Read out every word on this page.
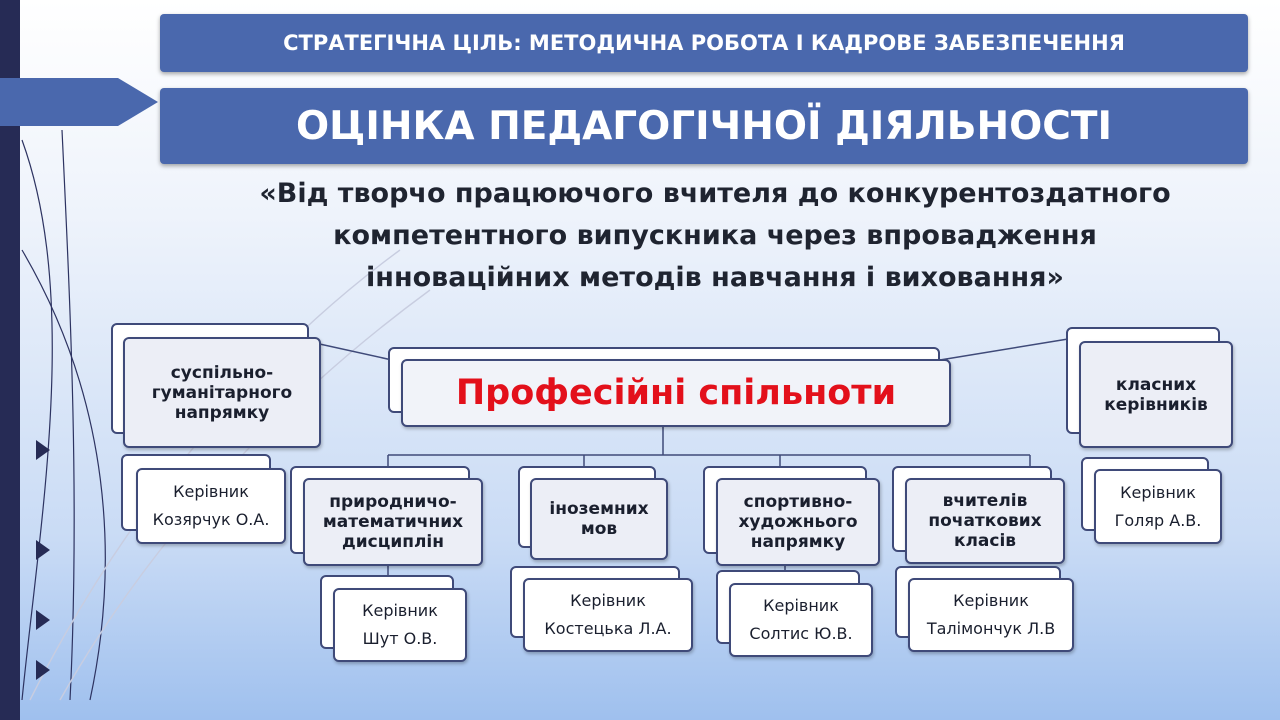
СТРАТЕГІЧНА ЦІЛЬ: МЕТОДИЧНА РОБОТА І КАДРОВЕ ЗАБЕЗПЕЧЕННЯ
ОЦІНКА ПЕДАГОГІЧНОЇ ДІЯЛЬНОСТІ
«Від творчо працюючого вчителя до конкурентоздатного
компетентного випускника через впровадження
інноваційних методів навчання і виховання»
Професійні спільноти
суспільно-
гуманітарного
напрямку
Керівник
Козярчук О.А.
природничо-
математичних
дисциплін
Керівник
Шут О.В.
іноземних
мов
Керівник
Костецька Л.А.
спортивно-
художнього
напрямку
Керівник
Солтис Ю.В.
вчителів
початкових
класів
Керівник
Талімончук Л.В
класних
керівників
Керівник
Голяр А.В.
